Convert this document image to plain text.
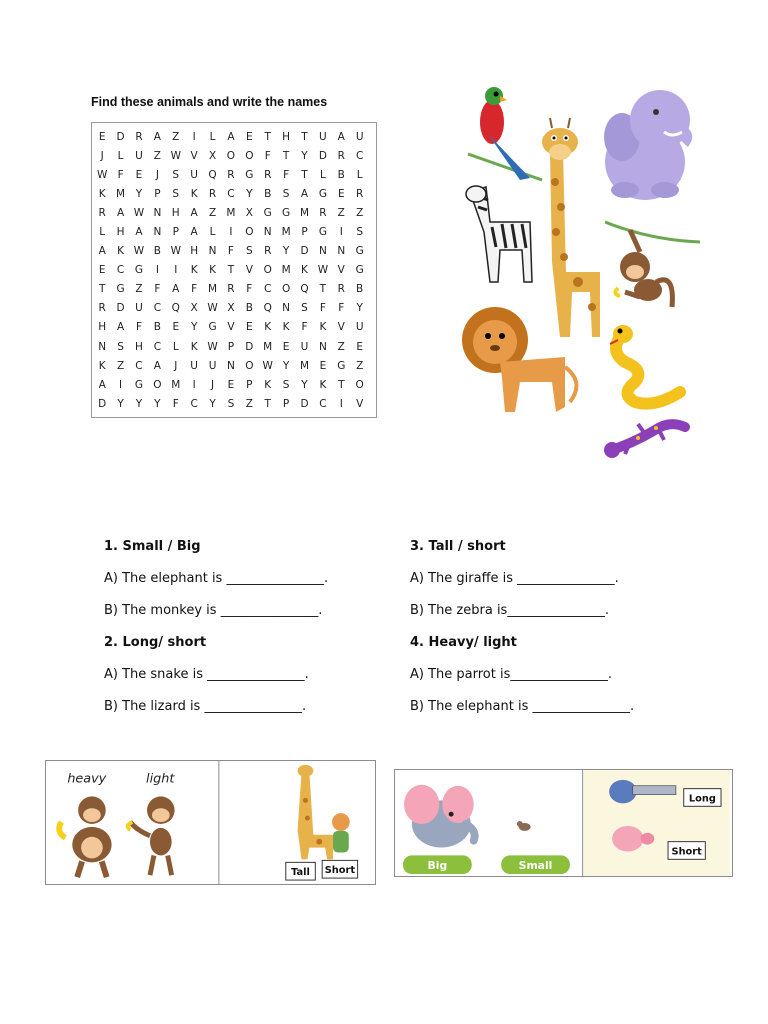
Find these animals and write the names
E	D	R	A	Z	I	L	A	E	T	H	T	U	A	U
J	L	U	Z W V	X	O O	F	T	Y	D	R	C
W F	E	J	S	U Q	R	G	R	F	T	L	B	L
K M	Y	P	S	K	R	C	Y	B	S	A	G	E	R
R	A W N	H	A	Z M X	G G M R	Z	Z
L	H	A	N	P	A	L	I	O N M	P	G	I	S
A	K W B W H	N	F	S	R	Y	D N	N G
E	C	G	I	I	K	K	T	V	O M K W V	G
T	G	Z	F	A	F	M R	F	C	O Q	T	R	B
R	D	U	C	Q	X W X	B	Q N	S	F	F	Y
H	A	F	B	E	Y	G	V	E	K	K	F	K	V	U
N	S	H	C	L	K W P	D M	E	U	N	Z	E
K	Z	C	A	J	U	U	N O W Y	M	E	G	Z
A	I	G O M	I	J	E	P	K	S	Y	K	T	O
D	Y	Y	Y	F	C	Y	S	Z	T	P	D	C	I	V
1. Small / Big
A) The elephant is _______________.
B) The monkey is _______________.
2. Long/ short
A) The snake is _______________.
B) The lizard is _______________.
3. Tall / short
A) The giraffe is _______________.
B) The zebra is_______________.
4. Heavy/ light
A) The parrot is_______________.
B) The elephant is _______________.
heavy	light
Tall Short	Big	Small
Long
Short
